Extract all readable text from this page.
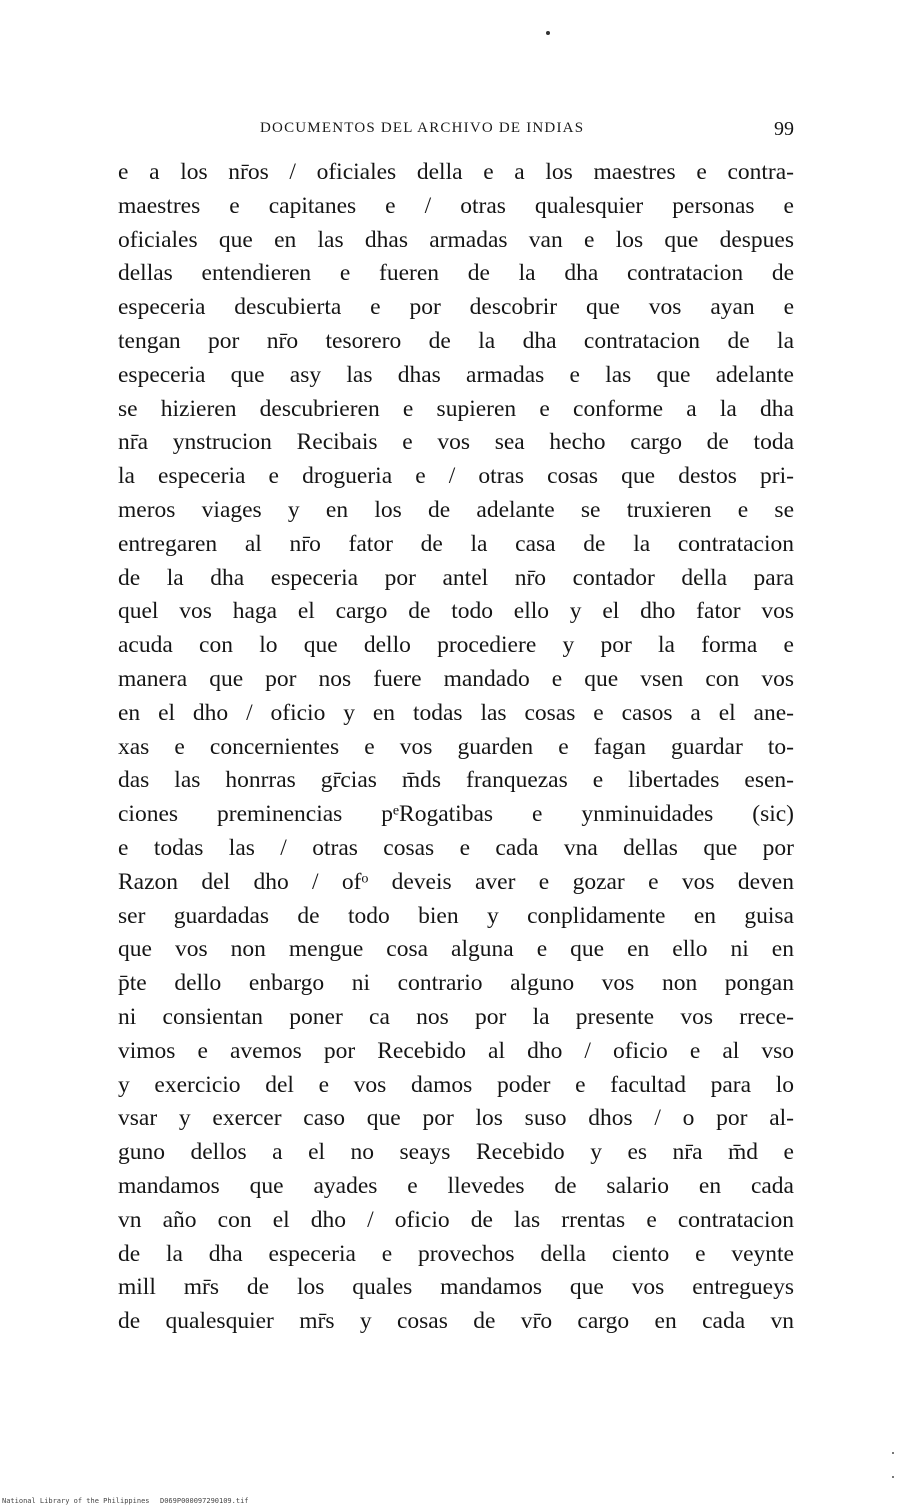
DOCUMENTOS DEL ARCHIVO DE INDIAS	99
e a los nr̄os / oficiales della e a los maestres e contra-
maestres e capitanes e / otras qualesquier personas e
oficiales que en las dhas armadas van e los que despues
dellas entendieren e fueren de la dha contratacion de
especeria descubierta e por descobrir que vos ayan e
tengan por nr̄o tesorero de la dha contratacion de la
especeria que asy las dhas armadas e las que adelante
se hizieren descubrieren e supieren e conforme a la dha
nr̄a ynstrucion Recibais e vos sea hecho cargo de toda
la especeria e drogueria e / otras cosas que destos pri-
meros viages y en los de adelante se truxieren e se
entregaren al nr̄o fator de la casa de la contratacion
de la dha especeria por antel nr̄o contador della para
quel vos haga el cargo de todo ello y el dho fator vos
acuda con lo que dello procediere y por la forma e
manera que por nos fuere mandado e que vsen con vos
en el dho / oficio y en todas las cosas e casos a el ane-
xas e concernientes e vos guarden e fagan guardar to-
das las honrras gr̄cias m̄ds franquezas e libertades esen-
ciones preminencias pᵉRogatibas e ynminuidades (sic)
e todas las / otras cosas e cada vna dellas que por
Razon del dho / ofᵒ deveis aver e gozar e vos deven
ser guardadas de todo bien y conplidamente en guisa
que vos non mengue cosa alguna e que en ello ni en
p̄te dello enbargo ni contrario alguno vos non pongan
ni consientan poner ca nos por la presente vos rrece-
vimos e avemos por Recebido al dho / oficio e al vso
y exercicio del e vos damos poder e facultad para lo
vsar y exercer caso que por los suso dhos / o por al-
guno dellos a el no seays Recebido y es nr̄a m̄d e
mandamos que ayades e llevedes de salario en cada
vn año con el dho / oficio de las rrentas e contratacion
de la dha especeria e provechos della ciento e veynte
mill mr̄s de los quales mandamos que vos entregueys
de qualesquier mr̄s y cosas de vr̄o cargo en cada vn
National Library of the Philippines D069P000097290109.tif
